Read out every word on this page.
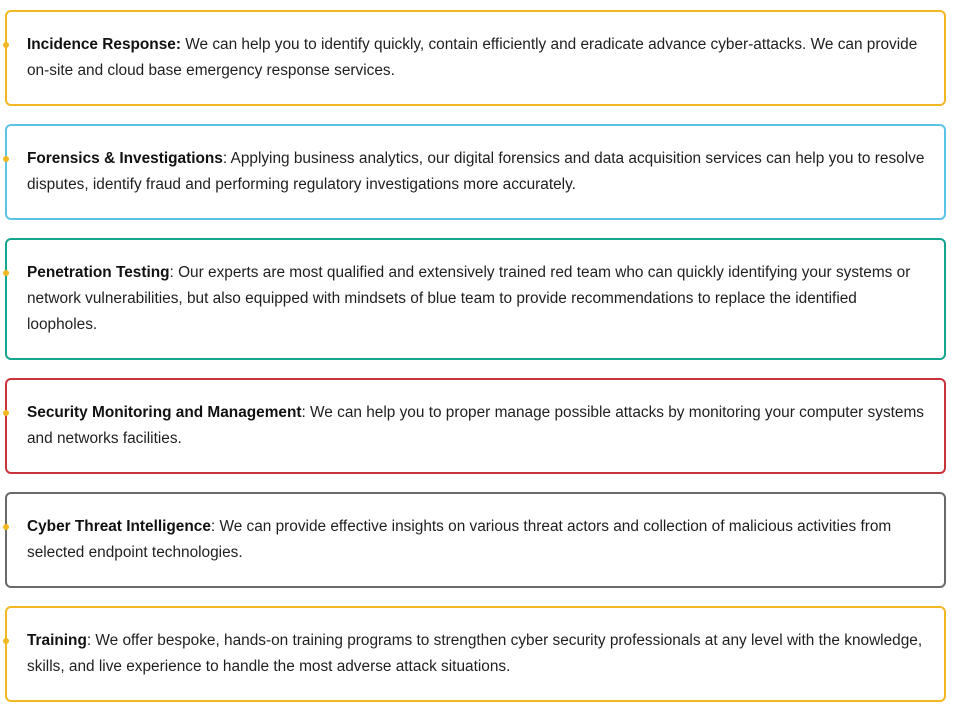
Incidence Response: We can help you to identify quickly, contain efficiently and eradicate advance cyber-attacks. We can provide on-site and cloud base emergency response services.

Forensics & Investigations: Applying business analytics, our digital forensics and data acquisition services can help you to resolve disputes, identify fraud and performing regulatory investigations more accurately.

Penetration Testing: Our experts are most qualified and extensively trained red team who can quickly identifying your systems or network vulnerabilities, but also equipped with mindsets of blue team to provide recommendations to replace the identified loopholes.

Security Monitoring and Management: We can help you to proper manage possible attacks by monitoring your computer systems and networks facilities.

Cyber Threat Intelligence: We can provide effective insights on various threat actors and collection of malicious activities from selected endpoint technologies.

Training: We offer bespoke, hands-on training programs to strengthen cyber security professionals at any level with the knowledge, skills, and live experience to handle the most adverse attack situations.
